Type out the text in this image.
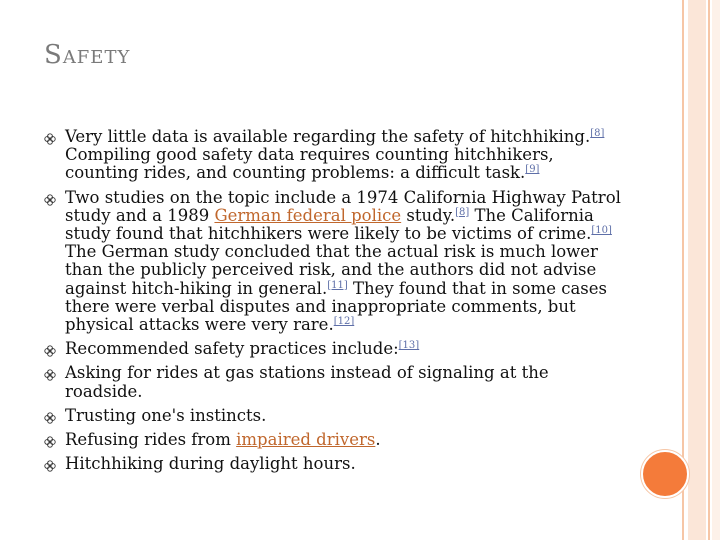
SAFETY
Very little data is available regarding the safety of hitchhiking.[8] Compiling good safety data requires counting hitchhikers, counting rides, and counting problems: a difficult task.[9]
Two studies on the topic include a 1974 California Highway Patrol study and a 1989 German federal police study.[8] The California study found that hitchhikers were likely to be victims of crime.[10] The German study concluded that the actual risk is much lower than the publicly perceived risk, and the authors did not advise against hitch-hiking in general.[11] They found that in some cases there were verbal disputes and inappropriate comments, but physical attacks were very rare.[12]
Recommended safety practices include:[13]
Asking for rides at gas stations instead of signaling at the roadside.
Trusting one's instincts.
Refusing rides from impaired drivers.
Hitchhiking during daylight hours.
